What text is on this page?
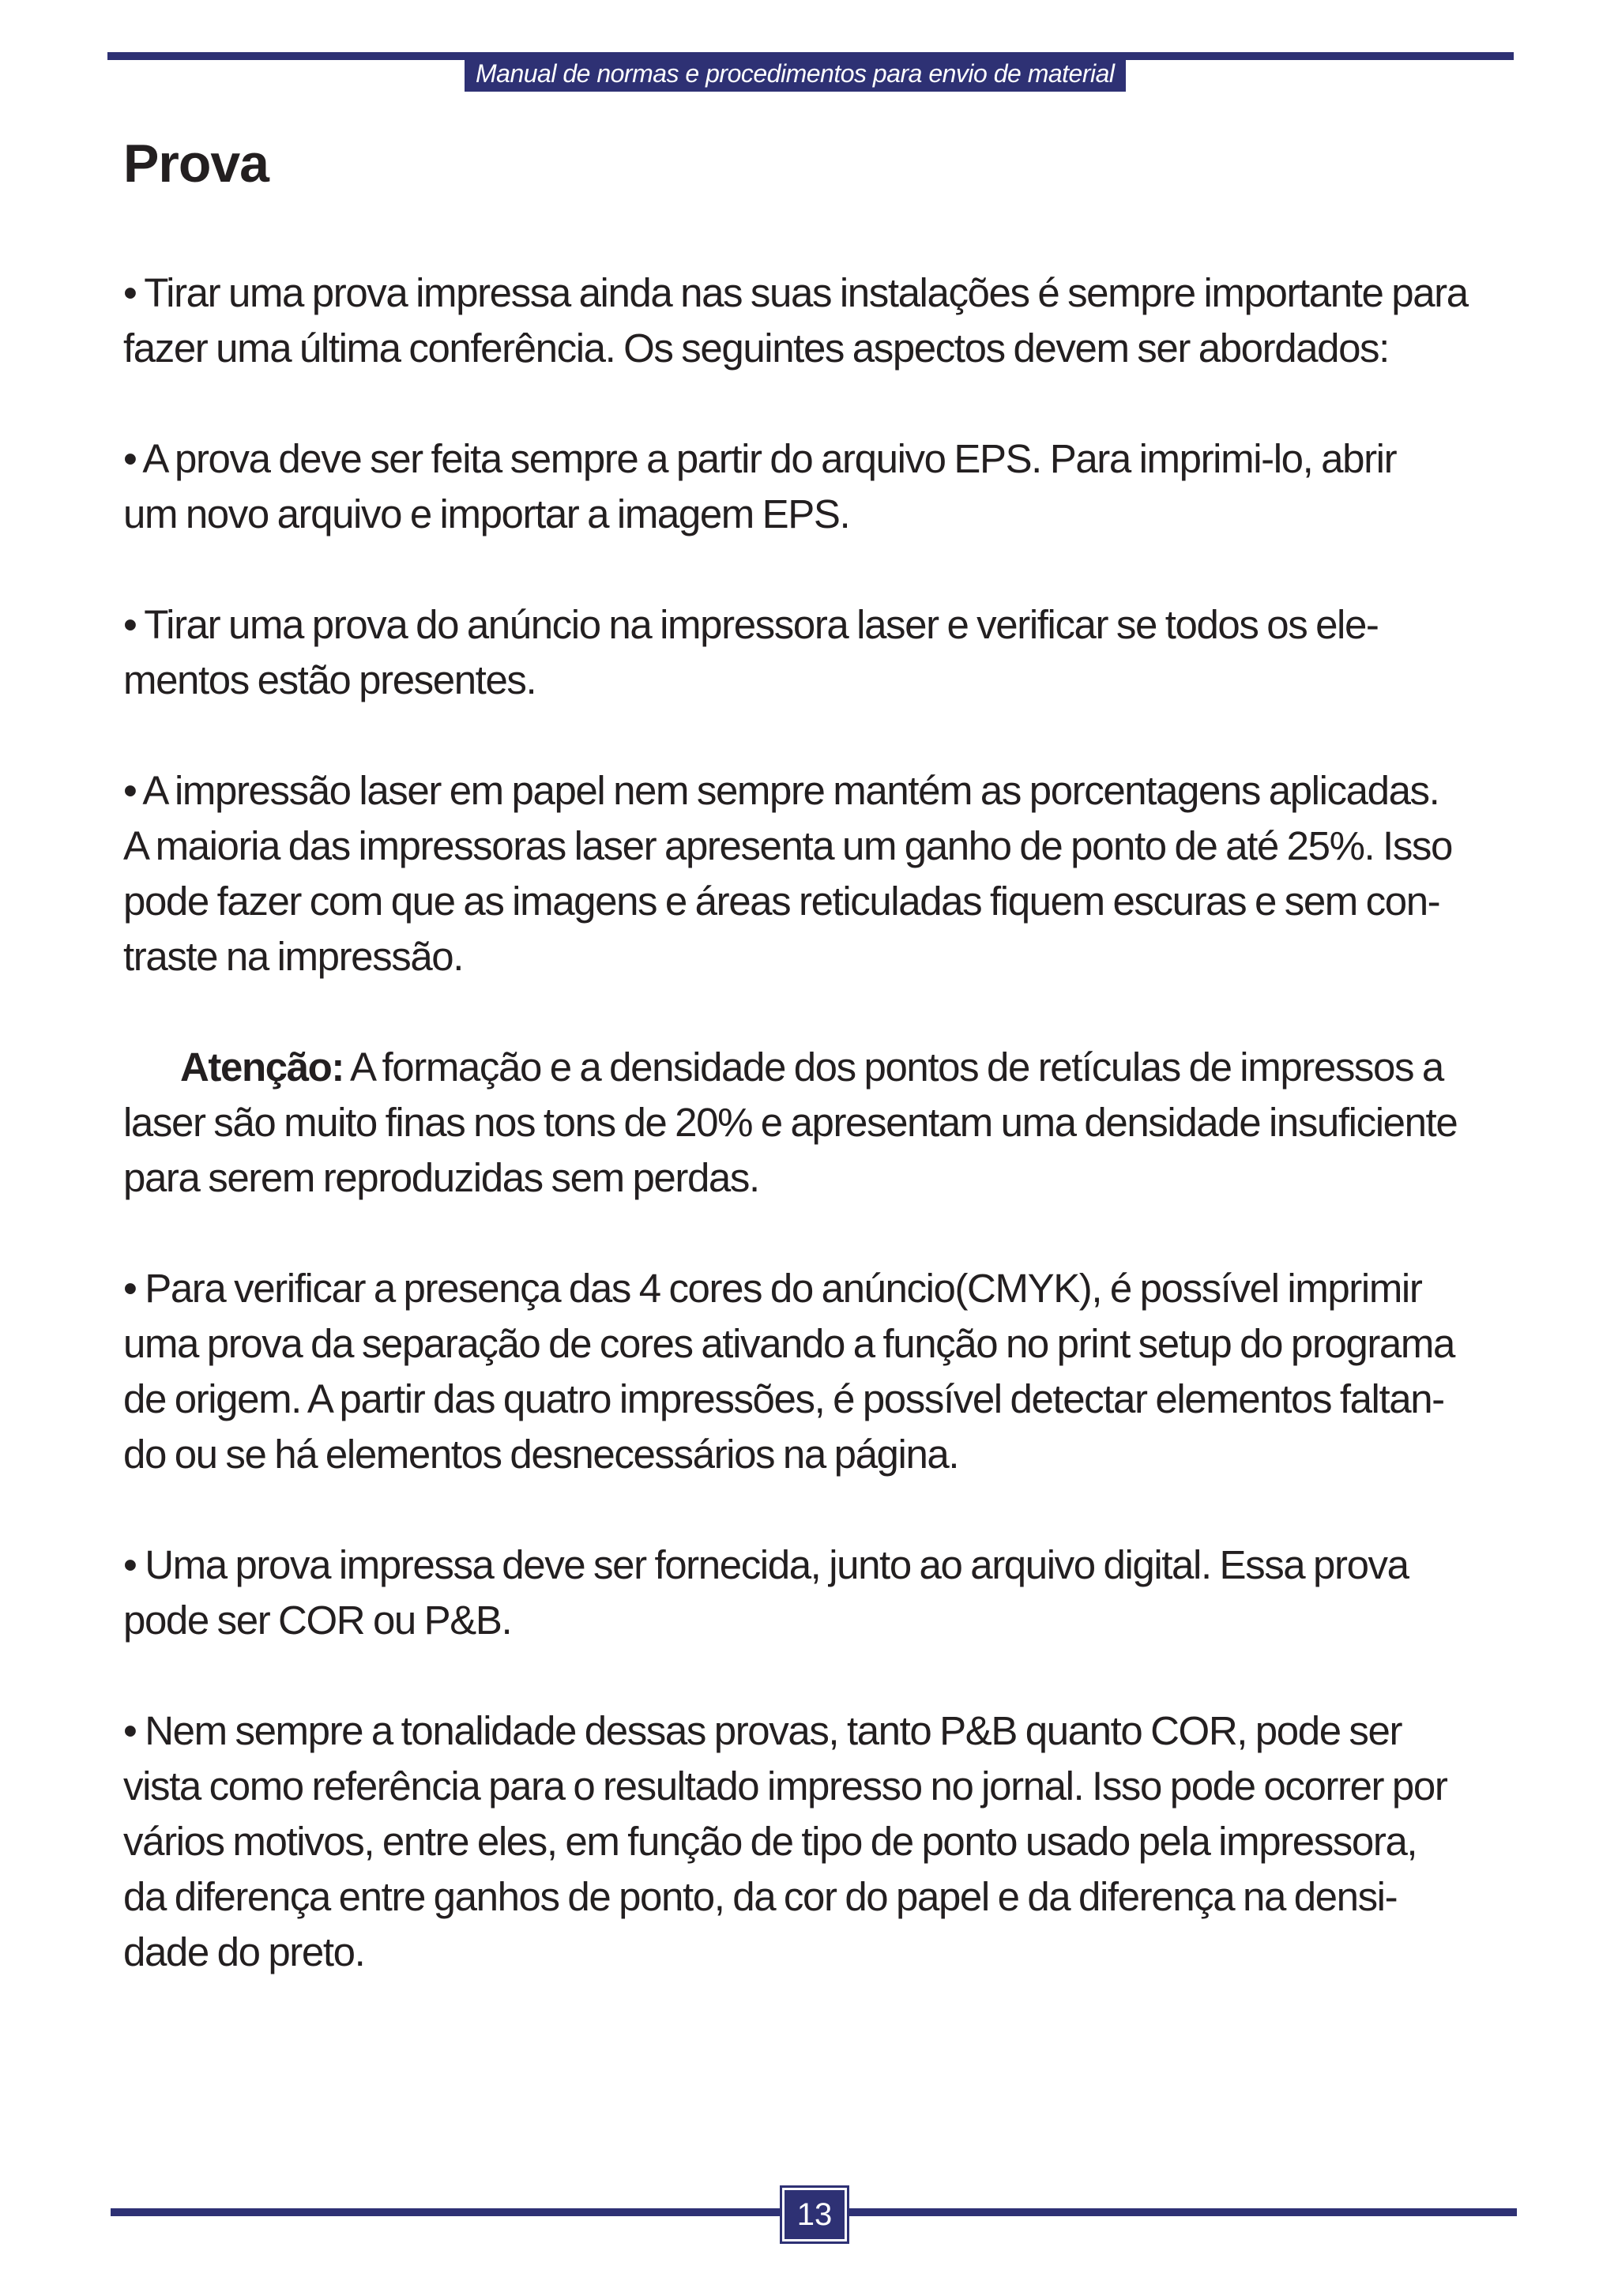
Manual de normas e procedimentos para envio de material
Prova

• Tirar uma prova impressa ainda nas suas instalações é sempre importante para
fazer uma última conferência. Os seguintes aspectos devem ser abordados:

• A prova deve ser feita sempre a partir do arquivo EPS. Para imprimi-lo, abrir
um novo arquivo e importar a imagem EPS.

• Tirar uma prova do anúncio na impressora laser e verificar se todos os ele-
mentos estão presentes.

• A impressão laser em papel nem sempre mantém as porcentagens aplicadas.
A maioria das impressoras laser apresenta um ganho de ponto de até 25%. Isso
pode fazer com que as imagens e áreas reticuladas fiquem escuras e sem con-
traste na impressão.

Atenção: A formação e a densidade dos pontos de retículas de impressos a
laser são muito finas nos tons de 20% e apresentam uma densidade insuficiente
para serem reproduzidas sem perdas.

• Para verificar a presença das 4 cores do anúncio(CMYK), é possível imprimir
uma prova da separação de cores ativando a função no print setup do programa
de origem. A partir das quatro impressões, é possível detectar elementos faltan-
do ou se há elementos desnecessários na página.

• Uma prova impressa deve ser fornecida, junto ao arquivo digital. Essa prova
pode ser COR ou P&B.

• Nem sempre a tonalidade dessas provas, tanto P&B quanto COR, pode ser
vista como referência para o resultado impresso no jornal. Isso pode ocorrer por
vários motivos, entre eles, em função de tipo de ponto usado pela impressora,
da diferença entre ganhos de ponto, da cor do papel e da diferença na densi-
dade do preto.

13
